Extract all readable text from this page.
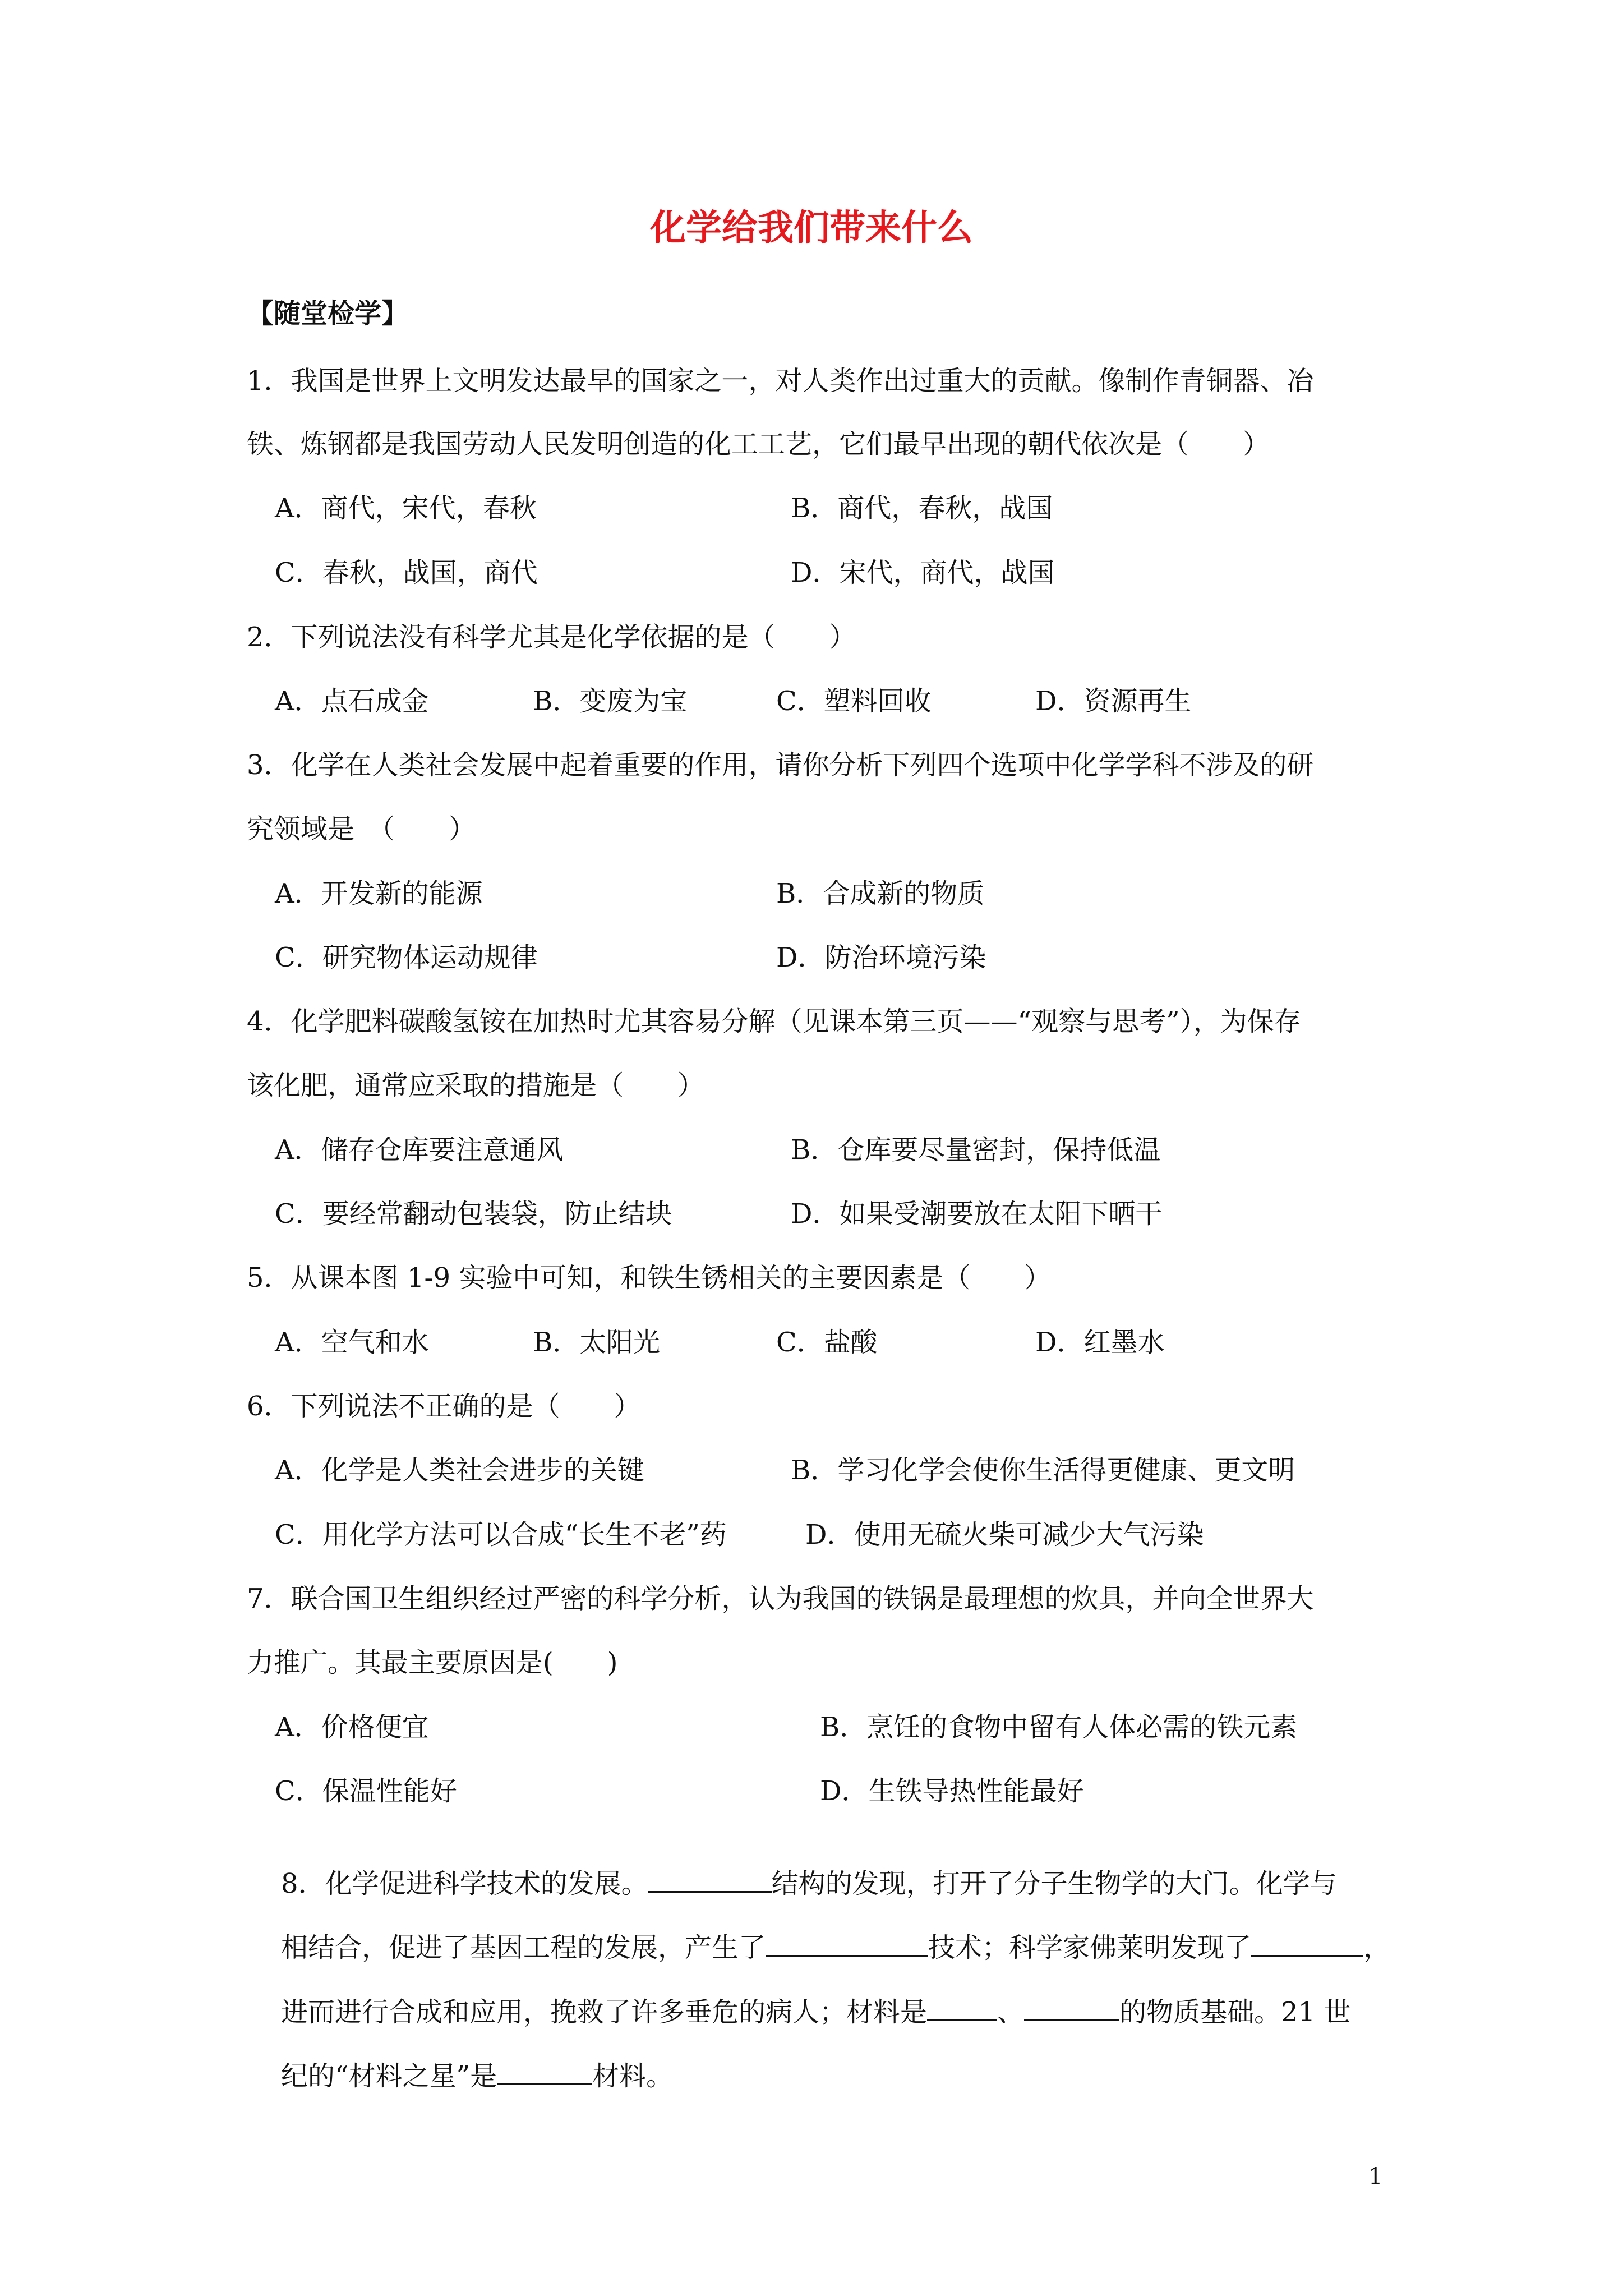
化学给我们带来什么
【随堂检学】
1．我国是世界上文明发达最早的国家之一，对人类作出过重大的贡献。像制作青铜器、冶
铁、炼钢都是我国劳动人民发明创造的化工工艺，它们最早出现的朝代依次是（　　）
A．商代，宋代，春秋	B．商代，春秋，战国
C．春秋，战国，商代	D．宋代，商代，战国
2．下列说法没有科学尤其是化学依据的是（　　）
A．点石成金	B．变废为宝	C．塑料回收	D．资源再生
3．化学在人类社会发展中起着重要的作用，请你分析下列四个选项中化学学科不涉及的研
究领域是　（　　）
A．开发新的能源	B．合成新的物质
C．研究物体运动规律	D．防治环境污染
4．化学肥料碳酸氢铵在加热时尤其容易分解（见课本第三页——“观察与思考”），为保存
该化肥，通常应采取的措施是（　　）
A．储存仓库要注意通风	B．仓库要尽量密封，保持低温
C．要经常翻动包装袋，防止结块	D．如果受潮要放在太阳下晒干
5．从课本图 1-9 实验中可知，和铁生锈相关的主要因素是（　　）
A．空气和水	B．太阳光	C．盐酸	D．红墨水
6．下列说法不正确的是（　　）
A．化学是人类社会进步的关键	B．学习化学会使你生活得更健康、更文明
C．用化学方法可以合成“长生不老”药	D．使用无硫火柴可减少大气污染
7．联合国卫生组织经过严密的科学分析，认为我国的铁锅是最理想的炊具，并向全世界大
力推广。其最主要原因是(　　)
A．价格便宜	B．烹饪的食物中留有人体必需的铁元素
C．保温性能好	D．生铁导热性能最好

8．化学促进科学技术的发展。	结构的发现，打开了分子生物学的大门。化学与

相结合，促进了基因工程的发展，产生了	技术；科学家佛莱明发现了	，

进而进行合成和应用，挽救了许多垂危的病人；材料是	、	的物质基础。21 世

纪的“材料之星”是	材料。

1
